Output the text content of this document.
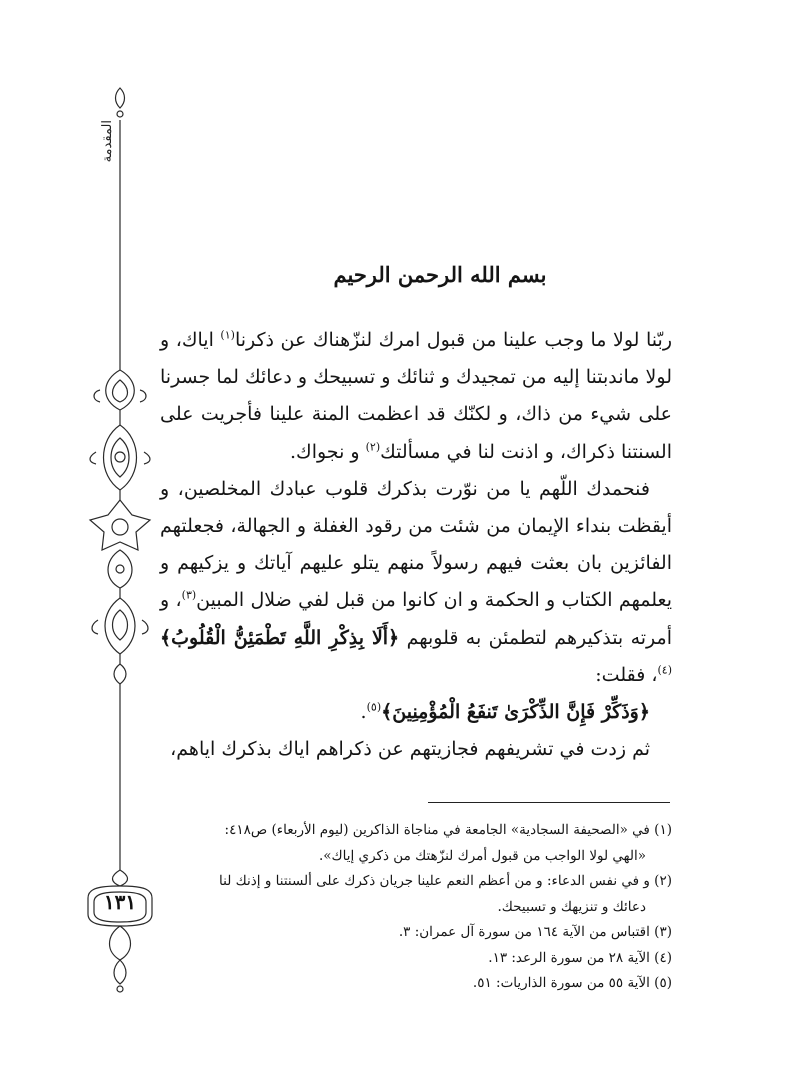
المقدمة
١٣١
بسم الله الرحمن الرحيم

ربّنا لولا ما وجب علينا من قبول امرك لنزّهناك عن ذكرنا$^{(١)}$ اياك، و لولا ماندبتنا إليه من تمجيدك و ثنائك و تسبيحك و دعائك لما جسرنا على شيء من ذاك، و لكنّك قد اعظمت المنة علينا فأجريت على السنتنا ذكراك، و اذنت لنا في مسألتك$^{(٢)}$ و نجواك.

فنحمدك اللّهم يا من نوّرت بذكرك قلوب عبادك المخلصين، و أيقظت بنداء الإيمان من شئت من رقود الغفلة و الجهالة، فجعلتهم الفائزين بان بعثت فيهم رسولاً منهم يتلو عليهم آياتك و يزكيهم و يعلمهم الكتاب و الحكمة و ان كانوا من قبل لفي ضلال المبين$^{(٣)}$، و أمرته بتذكيرهم لتطمئن به قلوبهم ﴿أَلَا بِذِكْرِ اللَّهِ تَطْمَئِنُّ الْقُلُوبُ﴾$^{(٤)}$، فقلت:

﴿وَذَكِّرْ فَإِنَّ الذِّكْرَىٰ تَنفَعُ الْمُؤْمِنِينَ﴾$^{(٥)}$.

ثم زدت في تشريفهم فجازيتهم عن ذكراهم اياك بذكرك اياهم،

(١) في «الصحيفة السجادية» الجامعة في مناجاة الذاكرين (ليوم الأربعاء) ص٤١٨:
«الهي لولا الواجب من قبول أمرك لنزّهتك من ذكري إياك».
(٢) و في نفس الدعاء: و من أعظم النعم علينا جريان ذكرك على ألسنتنا و إذنك لنا
دعائك و تنزيهك و تسبيحك.
(٣) اقتباس من الآية ١٦٤ من سورة آل عمران: ٣.
(٤) الآية ٢٨ من سورة الرعد: ١٣.
(٥) الآية ٥٥ من سورة الذاريات: ٥١.
